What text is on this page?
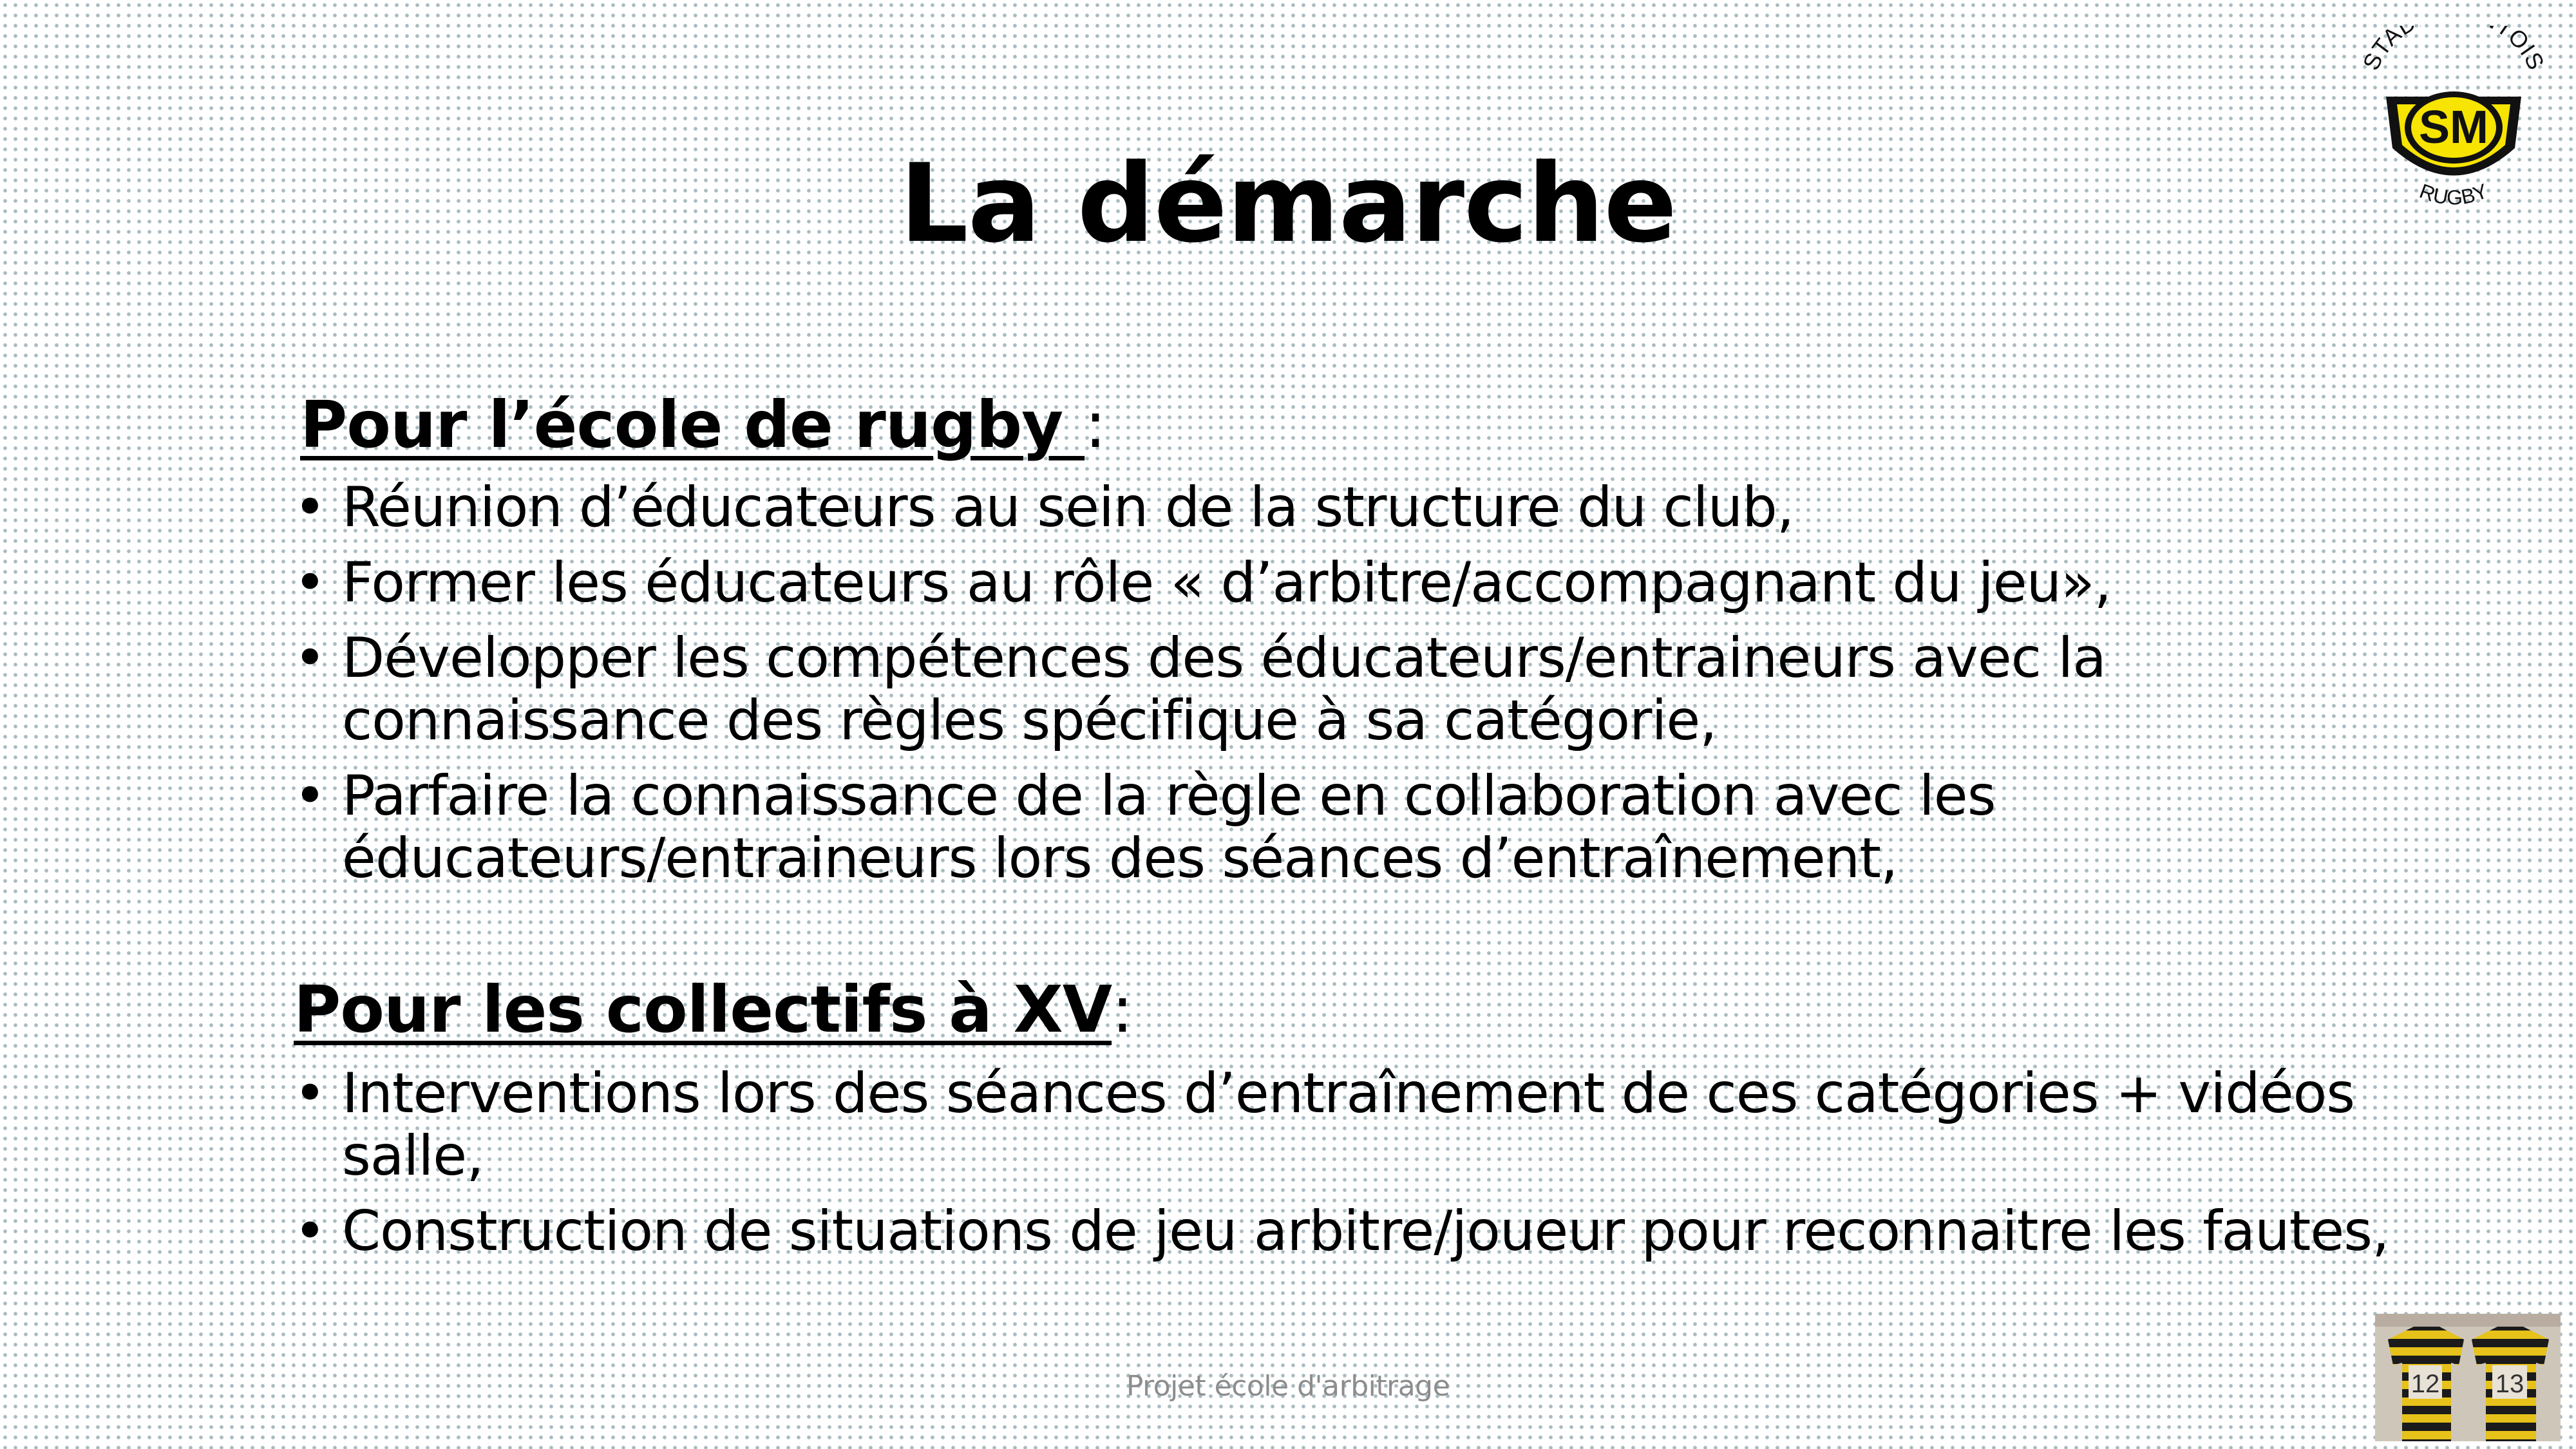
La démarche
STA TOIS
SM
RUGBY
Pour l’école de rugby :
• Réunion d’éducateurs au sein de la structure du club,
• Former les éducateurs au rôle « d’arbitre/accompagnant du jeu»,
• Développer les compétences des éducateurs/entraineurs avec la connaissance des règles spécifique à sa catégorie,
• Parfaire la connaissance de la règle en collaboration avec les éducateurs/entraineurs lors des séances d’entraînement,
Pour les collectifs à XV:
• Interventions lors des séances d’entraînement de ces catégories + vidéos salle,
• Construction de situations de jeu arbitre/joueur pour reconnaitre les fautes,
Projet école d'arbitrage	12 13
